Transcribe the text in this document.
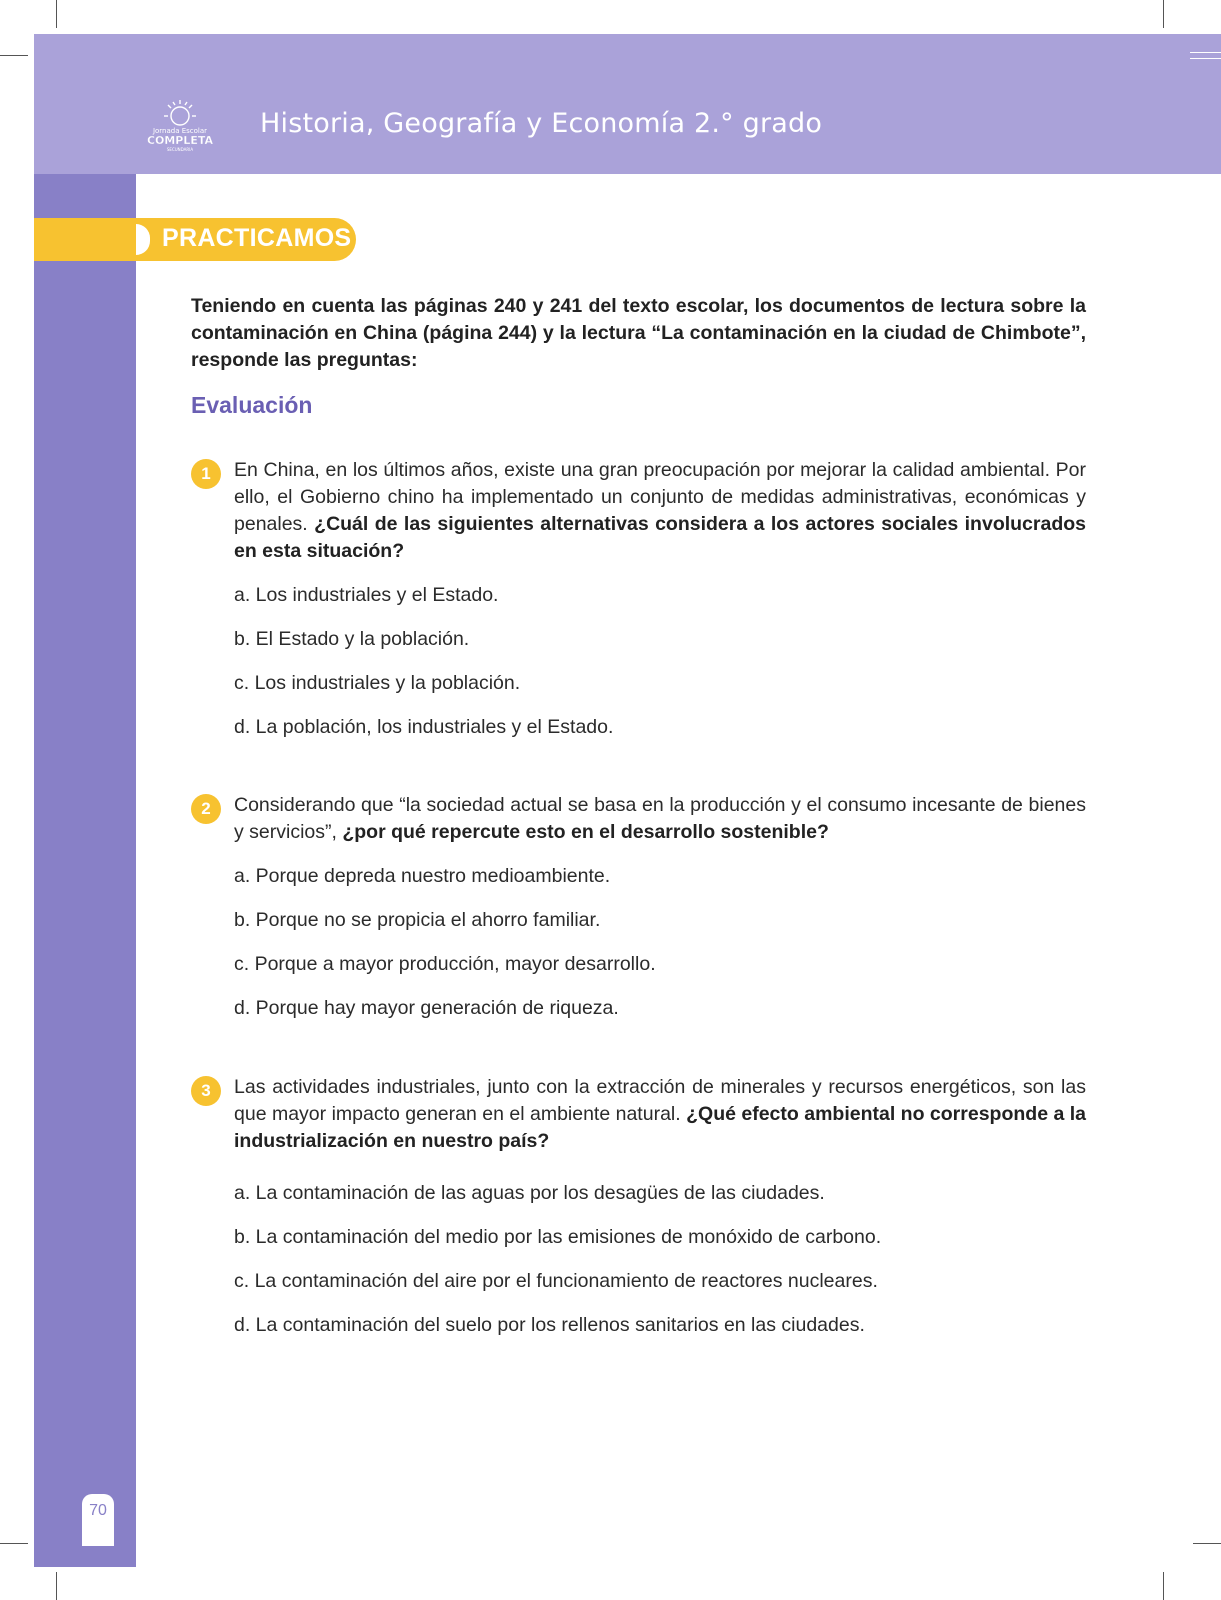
Jornada Escolar
COMPLETA
SECUNDARIA
Historia, Geografía y Economía 2.° grado
PRACTICAMOS
Teniendo en cuenta las páginas 240 y 241 del texto escolar, los documentos de lectura sobre la contaminación en China (página 244) y la lectura “La contaminación en la ciudad de Chimbote”, responde las preguntas:
Evaluación
1	En China, en los últimos años, existe una gran preocupación por mejorar la calidad ambiental. Por ello, el Gobierno chino ha implementado un conjunto de medidas administrativas, económicas y penales. ¿Cuál de las siguientes alternativas considera a los actores sociales involucrados en esta situación?
a. Los industriales y el Estado.
b. El Estado y la población.
c. Los industriales y la población.
d. La población, los industriales y el Estado.
2	Considerando que “la sociedad actual se basa en la producción y el consumo incesante de bienes y servicios”, ¿por qué repercute esto en el desarrollo sostenible?
a. Porque depreda nuestro medioambiente.
b. Porque no se propicia el ahorro familiar.
c. Porque a mayor producción, mayor desarrollo.
d. Porque hay mayor generación de riqueza.
3	Las actividades industriales, junto con la extracción de minerales y recursos energéticos, son las que mayor impacto generan en el ambiente natural. ¿Qué efecto ambiental no corresponde a la industrialización en nuestro país?
a. La contaminación de las aguas por los desagües de las ciudades.
b. La contaminación del medio por las emisiones de monóxido de carbono.
c. La contaminación del aire por el funcionamiento de reactores nucleares.
d. La contaminación del suelo por los rellenos sanitarios en las ciudades.
70
